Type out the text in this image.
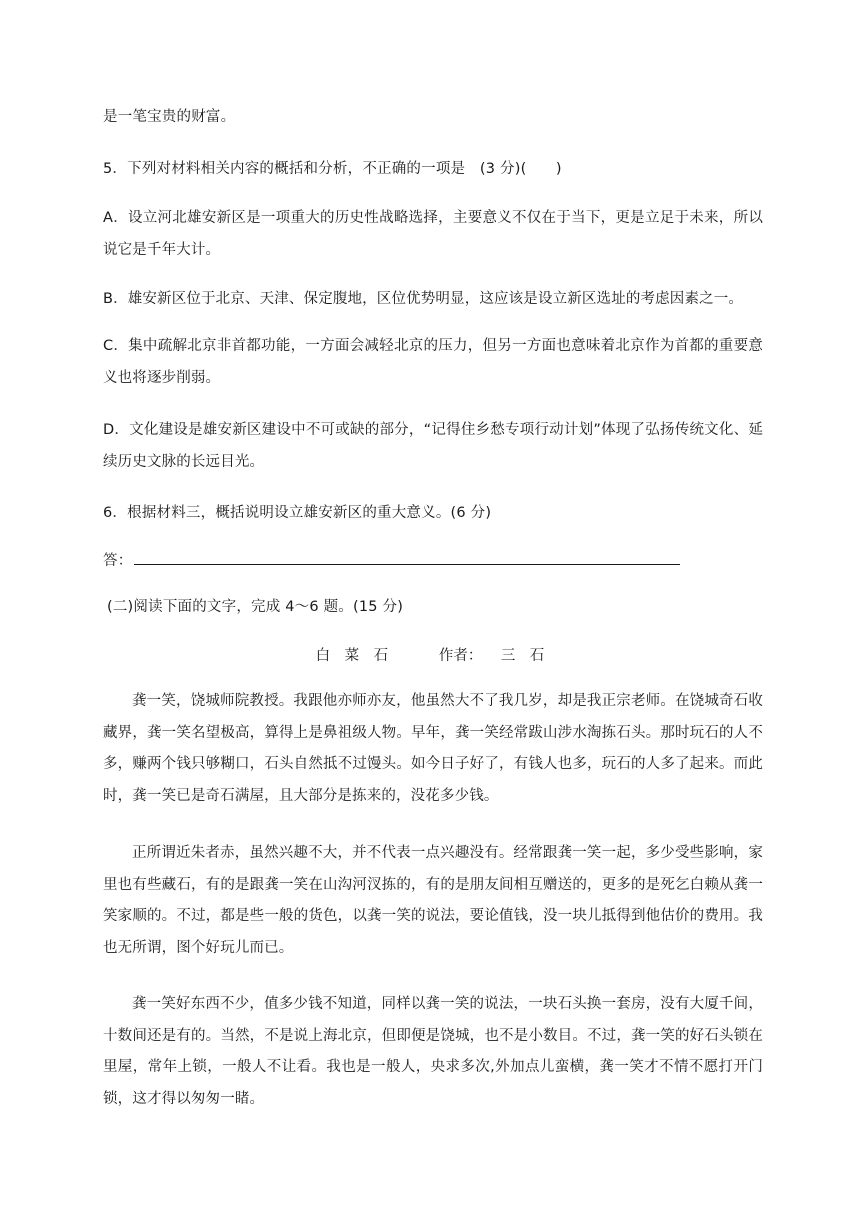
是一笔宝贵的财富。
5．下列对材料相关内容的概括和分析，不正确的一项是　(3 分)(　　)
A．设立河北雄安新区是一项重大的历史性战略选择，主要意义不仅在于当下，更是立足于未来，所以说它是千年大计。
B．雄安新区位于北京、天津、保定腹地，区位优势明显，这应该是设立新区选址的考虑因素之一。
C．集中疏解北京非首都功能，一方面会减轻北京的压力，但另一方面也意味着北京作为首都的重要意义也将逐步削弱。
D．文化建设是雄安新区建设中不可或缺的部分，“记得住乡愁专项行动计划”体现了弘扬传统文化、延续历史文脉的长远目光。
6．根据材料三，概括说明设立雄安新区的重大意义。(6 分)
答：
(二)阅读下面的文字，完成 4～6 题。(15 分)
白　菜　石	作者： 三　石
龚一笑，饶城师院教授。我跟他亦师亦友，他虽然大不了我几岁，却是我正宗老师。在饶城奇石收藏界，龚一笑名望极高，算得上是鼻祖级人物。早年，龚一笑经常跋山涉水淘拣石头。那时玩石的人不多，赚两个钱只够糊口，石头自然抵不过馒头。如今日子好了，有钱人也多，玩石的人多了起来。而此时，龚一笑已是奇石满屋，且大部分是拣来的，没花多少钱。
正所谓近朱者赤，虽然兴趣不大，并不代表一点兴趣没有。经常跟龚一笑一起，多少受些影响，家里也有些藏石，有的是跟龚一笑在山沟河汊拣的，有的是朋友间相互赠送的，更多的是死乞白赖从龚一笑家顺的。不过，都是些一般的货色，以龚一笑的说法，要论值钱，没一块儿抵得到他估价的费用。我也无所谓，图个好玩儿而已。
龚一笑好东西不少，值多少钱不知道，同样以龚一笑的说法，一块石头换一套房，没有大厦千间，十数间还是有的。当然，不是说上海北京，但即便是饶城，也不是小数目。不过，龚一笑的好石头锁在里屋，常年上锁，一般人不让看。我也是一般人，央求多次,外加点儿蛮横，龚一笑才不情不愿打开门锁，这才得以匆匆一睹。
